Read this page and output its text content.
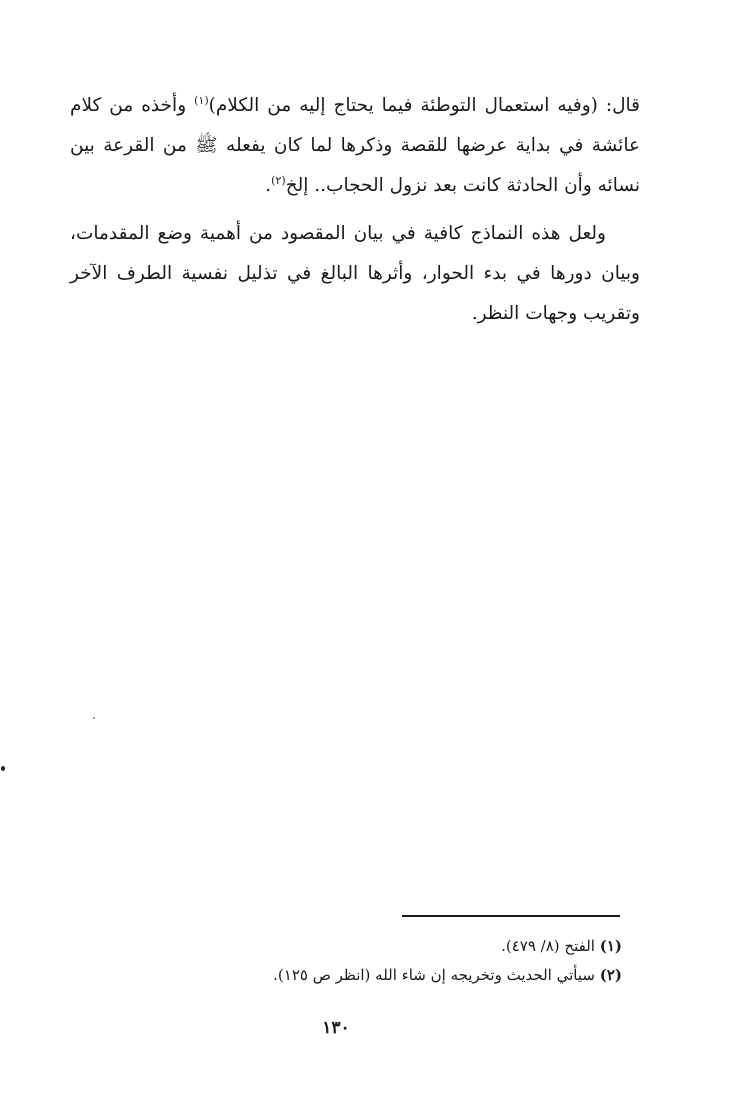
قال: (وفيه استعمال التوطئة فيما يحتاج إليه من الكلام)$^{(١)}$ وأخذه من كلام عائشة في بداية عرضها للقصة وذكرها لما كان يفعله ﷺ من القرعة بين نسائه وأن الحادثة كانت بعد نزول الحجاب.. إلخ$^{(٢)}$.

ولعل هذه النماذج كافية في بيان المقصود من أهمية وضع المقدمات، وبيان دورها في بدء الحوار، وأثرها البالغ في تذليل نفسية الطرف الآخر وتقريب وجهات النظر.

(١) الفتح (٨/ ٤٧٩).

(٢) سيأتي الحديث وتخريجه إن شاء الله (انظر ص ١٢٥).

١٣٠
